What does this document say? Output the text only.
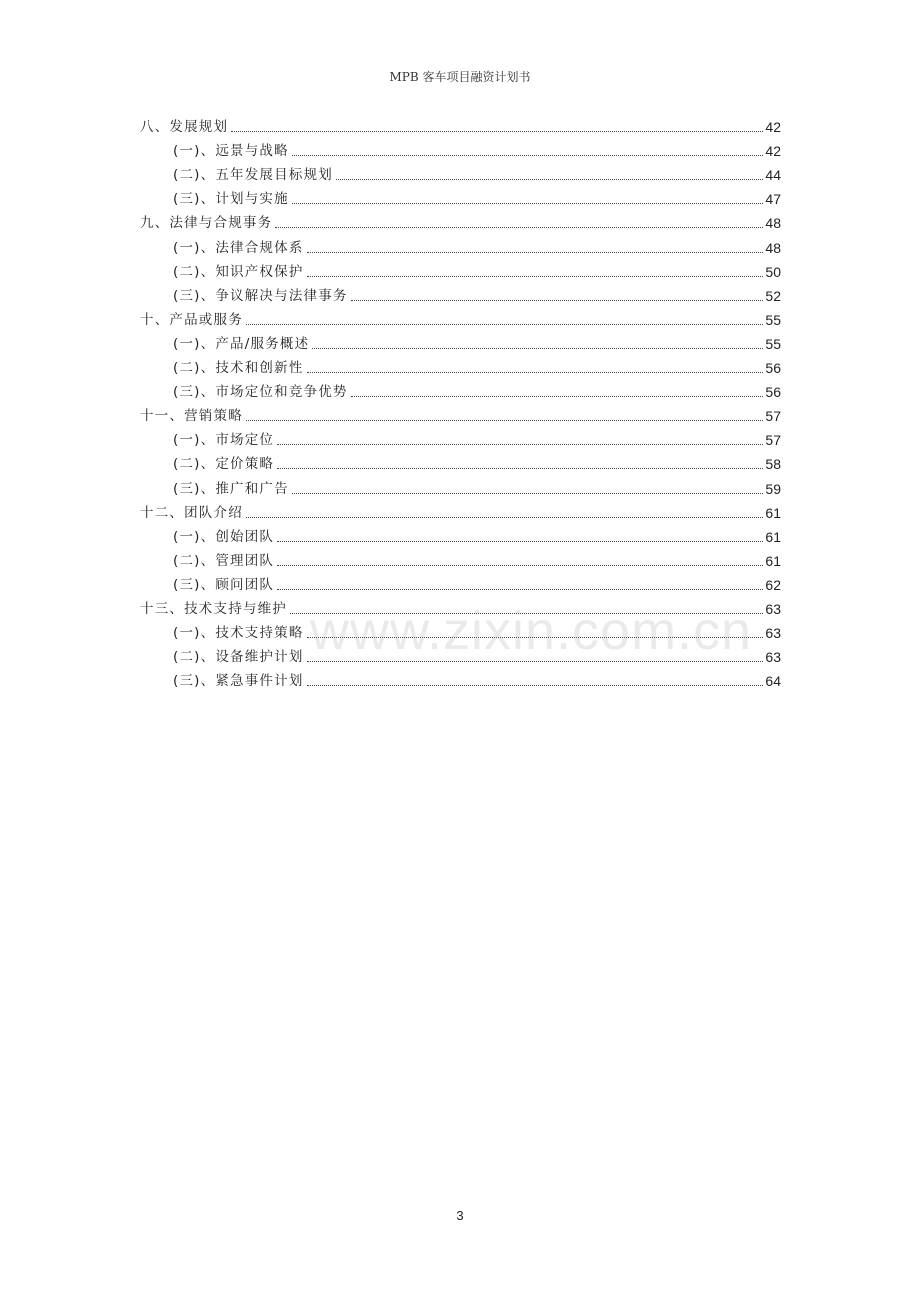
MPB 客车项目融资计划书
八、发展规划	42
(一)、远景与战略	42
(二)、五年发展目标规划	44
(三)、计划与实施	47
九、法律与合规事务	48
(一)、法律合规体系	48
(二)、知识产权保护	50
(三)、争议解决与法律事务	52
十、产品或服务	55
(一)、产品/服务概述	55
(二)、技术和创新性	56
(三)、市场定位和竞争优势	56
十一、营销策略	57
(一)、市场定位	57
(二)、定价策略	58
(三)、推广和广告	59
十二、团队介绍	61
(一)、创始团队	61
(二)、管理团队	61
(三)、顾问团队	62
十三、技术支持与维护	63
(一)、技术支持策略	63
(二)、设备维护计划	63
(三)、紧急事件计划	64
www.zixin.com.cn
3
